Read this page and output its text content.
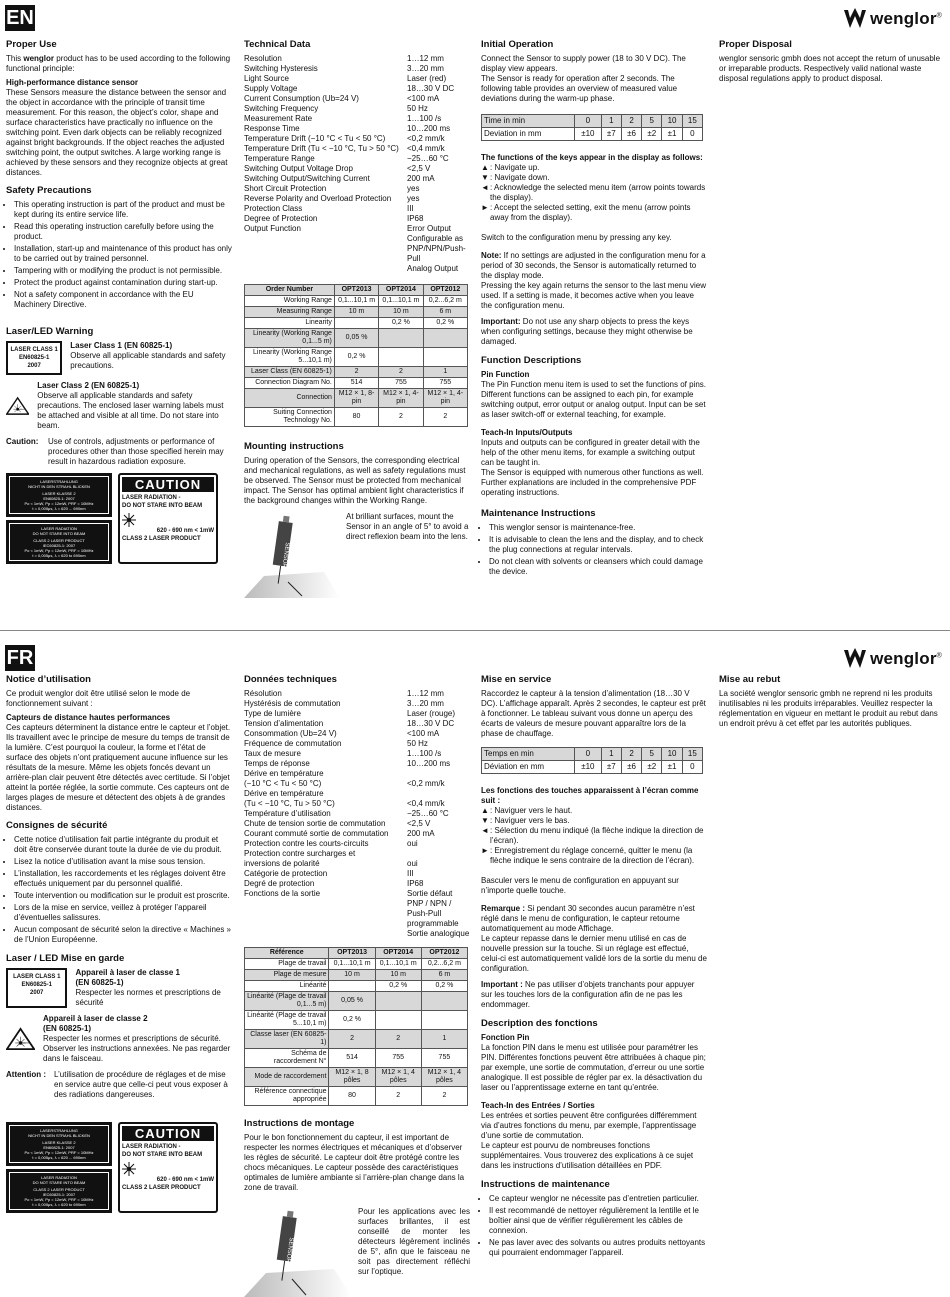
EN	wenglor®
Proper Use

This wenglor product has to be used according to the following functional principle:

High-performance distance sensor

These Sensors measure the distance between the sensor and the object in accordance with the principle of transit time measurement. For this reason, the object’s color, shape and surface characteristics have practically no influence on the switching point. Even dark objects can be reliably recognized against bright backgrounds. If the object reaches the adjusted switching point, the output switches. A large working range is achieved by these sensors and they recognize objects at great distances.

Safety Precautions
• This operating instruction is part of the product and must be kept during its entire service life.
• Read this operating instruction carefully before using the product.
• Installation, start-up and maintenance of this product has only to be carried out by trained personnel.
• Tampering with or modifying the product is not permissible.
• Protect the product against contamination during start-up.
• Not a safety component in accordance with the EU Machinery Directive.
Laser/LED Warning
LASER CLASS 1
EN60825-1
2007
Laser Class 1 (EN 60825-1)
Observe all applicable standards and safety precautions.
Laser Class 2 (EN 60825-1)
Observe all applicable standards and safety precautions. The enclosed laser warning labels must be attached and visible at all time. Do not stare into beam.
Caution:	Use of controls, adjustments or performance of procedures other than those specified herein may result in hazardous radiation exposure.
LASERSTRAHLUNG
NICHT IN DEN STRAHL BLICKEN
LASER KLASSE 2
EN60825-1: 2007
Po < 1mW, Pp = 12mW, PRF = 10MHz
t = 0,005μs, λ = 620 ... 690nm
LASER RADIATION
DO NOT STARE INTO BEAM
CLASS 2 LASER PRODUCT
IEC60825-1: 2007
Po < 1mW, Pp = 12mW, PRF = 10MHz
t = 0,005μs, λ = 620 to 690nm
CAUTION
LASER RADIATION -
DO NOT STARE INTO BEAM
620 - 690 nm < 1mW
CLASS 2 LASER PRODUCT
Technical Data
Resolution	1…12 mm
Switching Hysteresis	3…20 mm
Light Source	Laser (red)
Supply Voltage	18…30 V DC
Current Consumption (Ub=24 V)	<100 mA
Switching Frequency	50 Hz
Measurement Rate	1…100 /s
Response Time	10…200 ms
Temperature Drift (−10 °C < Tu < 50 °C)	<0,2 mm/k
Temperature Drift (Tu < −10 °C, Tu > 50 °C)	<0,4 mm/k
Temperature Range	−25…60 °C
Switching Output Voltage Drop	<2,5 V
Switching Output/Switching Current	200 mA
Short Circuit Protection	yes
Reverse Polarity and Overload Protection	yes
Protection Class	III
Degree of Protection	IP68
Output Function	Error Output
Configurable as PNP/NPN/Push-Pull
Analog Output
Order Number	OPT2013	OPT2014	OPT2012
Working Range	0,1...10,1 m	0,1...10,1 m	0,2...6,2 m
Measuring Range	10 m	10 m	6 m
Linearity		0,2 %	0,2 %
Linearity (Working Range 0,1...5 m)	0,05 %		
Linearity (Working Range 5...10,1 m)	0,2 %		
Laser Class (EN 60825-1)	2	2	1
Connection Diagram No.	514	755	755
Connection	M12 × 1, 8-pin	M12 × 1, 4-pin	M12 × 1, 4-pin
Suiting Connection Technology No.	80	2	2
Mounting instructions

During operation of the Sensors, the corresponding electrical and mechanical regulations, as well as safety regulations must be observed. The Sensor must be protected from mechanical impact. The Sensor has optimal ambient light characteristics if the background changes within the Working Range.

SENSOR

At brilliant surfaces, mount the Sensor in an angle of 5° to avoid a direct reflexion beam into the lens.

Initial Operation

Connect the Sensor to supply power (18 to 30 V DC). The display view appears.
The Sensor is ready for operation after 2 seconds. The following table provides an overview of measured value deviations during the warm-up phase.

Time in min	0	1	2	5	10	15
Deviation in mm	±10	±7	±6	±2	±1	0
The functions of the keys appear in the display as follows:
▲ : Navigate up.
▼ : Navigate down.
◄ : Acknowledge the selected menu item (arrow points towards the display).
► : Accept the selected setting, exit the menu (arrow points away from the display).

Switch to the configuration menu by pressing any key.

Note: If no settings are adjusted in the configuration menu for a period of 30 seconds, the Sensor is automatically returned to the display mode.
Pressing the key again returns the sensor to the last menu view used. If a setting is made, it becomes active when you leave the configuration menu.

Important: Do not use any sharp objects to press the keys when configuring settings, because they might otherwise be damaged.

Function Descriptions
Pin Function

The Pin Function menu item is used to set the functions of pins. Different functions can be assigned to each pin, for example switching output, error output or analog output. Input can be set as laser switch-off or external teaching, for example.

Teach-In Inputs/Outputs

Inputs and outputs can be configured in greater detail with the help of the other menu items, for example a switching output can be taught in.
The Sensor is equipped with numerous other functions as well. Further explanations are included in the comprehensive PDF operating instructions.

Maintenance Instructions
• This wenglor sensor is maintenance-free.
• It is advisable to clean the lens and the display, and to check the plug connections at regular intervals.
• Do not clean with solvents or cleansers which could damage the device.
Proper Disposal

wenglor sensoric gmbh does not accept the return of unusable or irreparable products. Respectively valid national waste disposal regulations apply to product disposal.

FR	wenglor®
Notice d’utilisation

Ce produit wenglor doit être utilisé selon le mode de fonctionnement suivant :

Capteurs de distance hautes performances

Ces capteurs déterminent la distance entre le capteur et l’objet. Ils travaillent avec le principe de mesure du temps de transit de la lumière. C’est pourquoi la couleur, la forme et l’état de surface des objets n’ont pratiquement aucune influence sur les résultats de la mesure. Même les objets foncés devant un arrière-plan clair peuvent être détectés avec certitude. Si l’objet atteint la portée réglée, la sortie commute. Ces capteurs ont de larges plages de mesure et détectent des objets à de grandes distances.

Consignes de sécurité
• Cette notice d’utilisation fait partie intégrante du produit et doit être conservée durant toute la durée de vie du produit.
• Lisez la notice d’utilisation avant la mise sous tension.
• L’installation, les raccordements et les réglages doivent être effectués uniquement par du personnel qualifié.
• Toute intervention ou modification sur le produit est proscrite.
• Lors de la mise en service, veillez à protéger l’appareil d’éventuelles salissures.
• Aucun composant de sécurité selon la directive « Machines » de l’Union Européenne.
Laser / LED Mise en garde
LASER CLASS 1
EN60825-1
2007
Appareil à laser de classe 1
(EN 60825-1)
Respecter les normes et prescriptions de sécurité
Appareil à laser de classe 2
(EN 60825-1)
Respecter les normes et prescriptions de sécurité. Observer les instructions annexées. Ne pas regarder dans le faisceau.
Attention :	L’utilisation de procédure de réglages et de mise en service autre que celle-ci peut vous exposer à des radiations dangereuses.
LASERSTRAHLUNG
NICHT IN DEN STRAHL BLICKEN
LASER KLASSE 2
EN60825-1: 2007
Po < 1mW, Pp = 12mW, PRF = 10MHz
t = 0,005μs, λ = 620 ... 690nm
LASER RADIATION
DO NOT STARE INTO BEAM
CLASS 2 LASER PRODUCT
IEC60825-1: 2007
Po < 1mW, Pp = 12mW, PRF = 10MHz
t = 0,005μs, λ = 620 to 690nm
CAUTION
LASER RADIATION -
DO NOT STARE INTO BEAM
620 - 690 nm < 1mW
CLASS 2 LASER PRODUCT
Données techniques
Résolution	1…12 mm
Hystérésis de commutation	3…20 mm
Type de lumière	Laser (rouge)
Tension d’alimentation	18…30 V DC
Consommation (Ub=24 V)	<100 mA
Fréquence de commutation	50 Hz
Taux de mesure	1…100 /s
Temps de réponse	10…200 ms
Dérive en température
(−10 °C < Tu < 50 °C)	<0,2 mm/k
Dérive en température
(Tu < −10 °C, Tu > 50 °C)	<0,4 mm/k
Température d’utilisation	−25…60 °C
Chute de tension sortie de commutation	<2,5 V
Courant commuté sortie de commutation	200 mA
Protection contre les courts-circuits	oui
Protection contre surcharges et
inversions de polarité	oui
Catégorie de protection	III
Degré de protection	IP68
Fonctions de la sortie	Sortie défaut
PNP / NPN / Push-Pull programmable
Sortie analogique
Référence	OPT2013	OPT2014	OPT2012
Plage de travail	0,1...10,1 m	0,1...10,1 m	0,2...6,2 m
Plage de mesure	10 m	10 m	6 m
Linéarité		0,2 %	0,2 %
Linéarité (Plage de travail 0,1...5 m)	0,05 %		
Linéarité (Plage de travail 5...10,1 m)	0,2 %		
Classe laser (EN 60825-1)	2	2	1
Schéma de raccordement N°	514	755	755
Mode de raccordement	M12 × 1, 8 pôles	M12 × 1, 4 pôles	M12 × 1, 4 pôles
Référence connectique appropriée	80	2	2
Instructions de montage

Pour le bon fonctionnement du capteur, il est important de respecter les normes électriques et mécaniques et d’observer les règles de sécurité. Le capteur doit être protégé contre les chocs mécaniques. Le capteur possède des caractéristiques optimales de lumière ambiante si l’arrière-plan change dans la zone de travail.

SENSOR

Pour les applications avec les surfaces brillantes, il est conseillé de monter les détecteurs légèrement inclinés de 5°, afin que le faisceau ne soit pas directement réfléchi sur l’optique.

Mise en service

Raccordez le capteur à la tension d’alimentation (18…30 V DC). L’affichage apparaît. Après 2 secondes, le capteur est prêt à fonctionner. Le tableau suivant vous donne un aperçu des écarts de valeurs de mesure pouvant apparaître lors de la phase de chauffage.

Temps en min	0	1	2	5	10	15
Déviation en mm	±10	±7	±6	±2	±1	0
Les fonctions des touches apparaissent à l’écran comme suit :
▲ : Naviguer vers le haut.
▼ : Naviguer vers le bas.
◄ : Sélection du menu indiqué (la flèche indique la direction de l’écran).
► : Enregistrement du réglage concerné, quitter le menu (la flèche indique le sens contraire de la direction de l’écran).

Basculer vers le menu de configuration en appuyant sur n’importe quelle touche.

Remarque : Si pendant 30 secondes aucun paramètre n’est réglé dans le menu de configuration, le capteur retourne automatiquement au mode Affichage.
Le capteur repasse dans le dernier menu utilisé en cas de nouvelle pression sur la touche. Si un réglage est effectué, celui-ci est automatiquement validé lors de la sortie du menu de configuration.

Important : Ne pas utiliser d’objets tranchants pour appuyer sur les touches lors de la configuration afin de ne pas les endommager.

Description des fonctions
Fonction Pin

La fonction PIN dans le menu est utilisée pour paramétrer les PIN. Différentes fonctions peuvent être attribuées à chaque pin; par exemple, une sortie de commutation, d’erreur ou une sortie analogique. Il est possible de régler par ex. la désactivation du laser ou l’apprentissage externe en tant qu’entrée.

Teach-In des Entrées / Sorties

Les entrées et sorties peuvent être configurées différemment via d’autres fonctions du menu, par exemple, l’apprentissage d’une sortie de commutation.
Le capteur est pourvu de nombreuses fonctions supplémentaires. Vous trouverez des explications à ce sujet dans les instructions d’utilisation détaillées en PDF.

Instructions de maintenance
• Ce capteur wenglor ne nécessite pas d’entretien particulier.
• Il est recommandé de nettoyer régulièrement la lentille et le boîtier ainsi que de vérifier régulièrement les câbles de connexion.
• Ne pas laver avec des solvants ou autres produits nettoyants qui pourraient endommager l’appareil.
Mise au rebut

La société wenglor sensoric gmbh ne reprend ni les produits inutilisables ni les produits irréparables. Veuillez respecter la réglementation en vigueur en mettant le produit au rebut dans un endroit prévu à cet effet par les autorités publiques.
